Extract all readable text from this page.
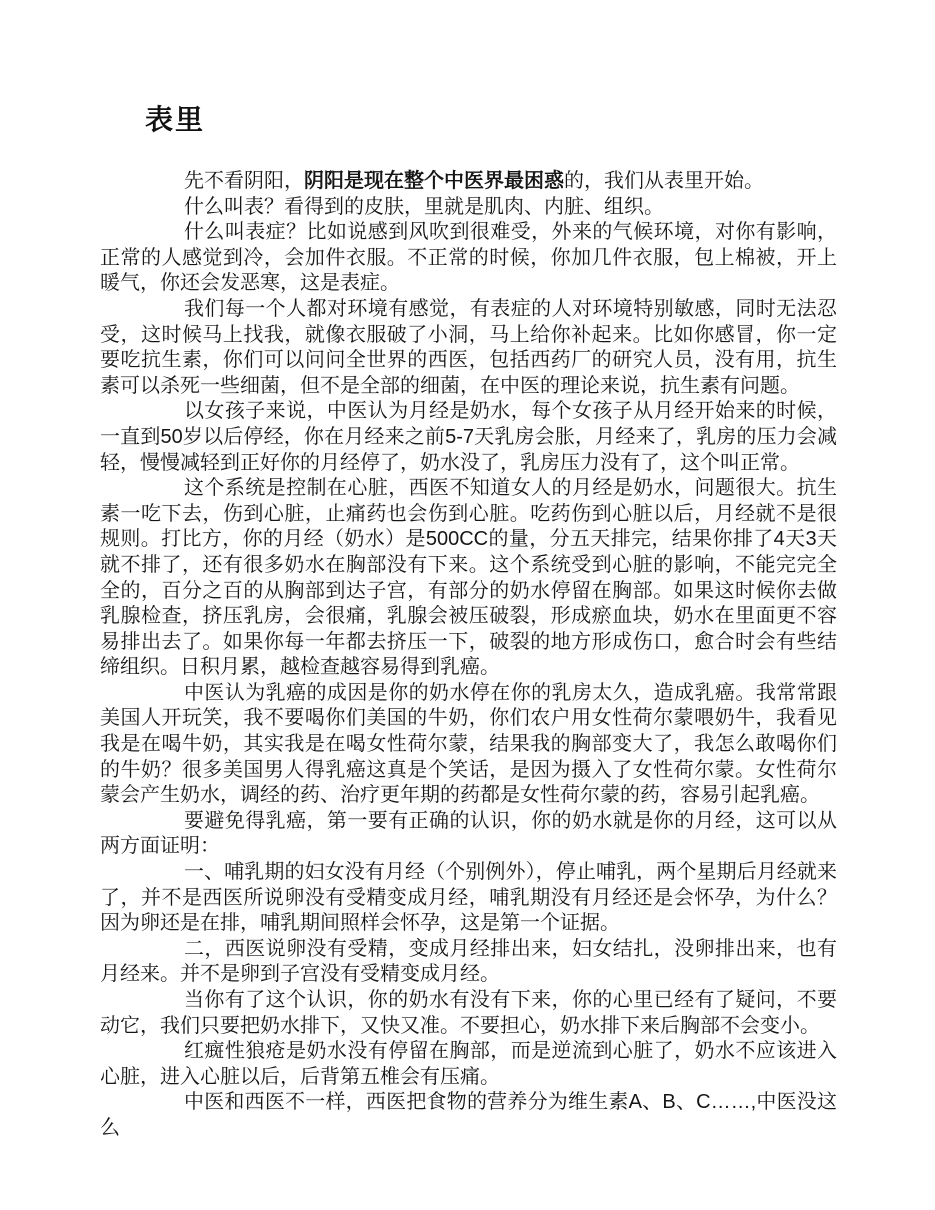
表里

先不看阴阳，阴阳是现在整个中医界最困惑的，我们从表里开始。

什么叫表？看得到的皮肤，里就是肌肉、内脏、组织。

什么叫表症？比如说感到风吹到很难受，外来的气候环境，对你有影响，正常的人感觉到冷，会加件衣服。不正常的时候，你加几件衣服，包上棉被，开上暖气，你还会发恶寒，这是表症。

我们每一个人都对环境有感觉，有表症的人对环境特别敏感，同时无法忍受，这时候马上找我，就像衣服破了小洞，马上给你补起来。比如你感冒，你一定要吃抗生素，你们可以问问全世界的西医，包括西药厂的研究人员，没有用，抗生素可以杀死一些细菌，但不是全部的细菌，在中医的理论来说，抗生素有问题。

以女孩子来说，中医认为月经是奶水，每个女孩子从月经开始来的时候，一直到50岁以后停经，你在月经来之前5-7天乳房会胀，月经来了，乳房的压力会减轻，慢慢减轻到正好你的月经停了，奶水没了，乳房压力没有了，这个叫正常。

这个系统是控制在心脏，西医不知道女人的月经是奶水，问题很大。抗生素一吃下去，伤到心脏，止痛药也会伤到心脏。吃药伤到心脏以后，月经就不是很规则。打比方，你的月经（奶水）是500CC的量，分五天排完，结果你排了4天3天就不排了，还有很多奶水在胸部没有下来。这个系统受到心脏的影响，不能完完全全的，百分之百的从胸部到达子宫，有部分的奶水停留在胸部。如果这时候你去做乳腺检查，挤压乳房，会很痛，乳腺会被压破裂，形成瘀血块，奶水在里面更不容易排出去了。如果你每一年都去挤压一下，破裂的地方形成伤口，愈合时会有些结缔组织。日积月累，越检查越容易得到乳癌。

中医认为乳癌的成因是你的奶水停在你的乳房太久，造成乳癌。我常常跟美国人开玩笑，我不要喝你们美国的牛奶，你们农户用女性荷尔蒙喂奶牛，我看见我是在喝牛奶，其实我是在喝女性荷尔蒙，结果我的胸部变大了，我怎么敢喝你们的牛奶？很多美国男人得乳癌这真是个笑话，是因为摄入了女性荷尔蒙。女性荷尔蒙会产生奶水，调经的药、治疗更年期的药都是女性荷尔蒙的药，容易引起乳癌。

要避免得乳癌，第一要有正确的认识，你的奶水就是你的月经，这可以从两方面证明：

一、哺乳期的妇女没有月经（个别例外），停止哺乳，两个星期后月经就来了，并不是西医所说卵没有受精变成月经，哺乳期没有月经还是会怀孕，为什么？因为卵还是在排，哺乳期间照样会怀孕，这是第一个证据。

二，西医说卵没有受精，变成月经排出来，妇女结扎，没卵排出来，也有月经来。并不是卵到子宫没有受精变成月经。

当你有了这个认识，你的奶水有没有下来，你的心里已经有了疑问，不要动它，我们只要把奶水排下，又快又准。不要担心，奶水排下来后胸部不会变小。

红癍性狼疮是奶水没有停留在胸部，而是逆流到心脏了，奶水不应该进入心脏，进入心脏以后，后背第五椎会有压痛。

中医和西医不一样，西医把食物的营养分为维生素A、B、C……,中医没这么
